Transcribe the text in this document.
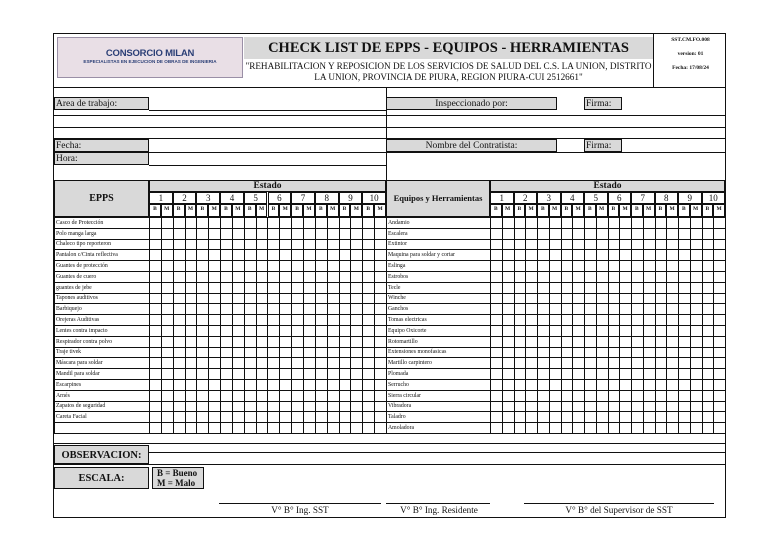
CONSORCIO MILAN
ESPECIALISTAS EN EJECUCION DE OBRAS DE INGENIERIA
CHECK LIST DE EPPS - EQUIPOS - HERRAMIENTAS
"REHABILITACION Y REPOSICION DE LOS SERVICIOS DE SALUD DEL C.S. LA UNION, DISTRITO
LA UNION, PROVINCIA DE PIURA, REGION PIURA-CUI 2512661"
SST.CM.FO.008
version: 01
Fecha: 17/08/24
Area de trabajo:	Inspeccionado por:	Firma:
Fecha:	Nombre del Contratista:	Firma:
Hora:
EPPS
Estado
1	2	3	4	5	6	7	8	9	10
B	M	B	M	B	M	B	M	B	M	B	M	B	M	B	M	B	M	B	M
Equipos y Herramientas
Estado
1	2	3	4	5	6	7	8	9	10
B	M	B	M	B	M	B	M	B	M	B	M	B	M	B	M	B	M	B	M
Casco de Protección																				
Polo manga larga																				
Chaleco tipo reporteron																				
Pantalon c/Cinta reflectiva																				
Guantes de protección																				
Guantes de cuero																				
guantes de jebe																				
Tapones auditivos																				
Barbiquejo																				
Orejeras Auditivas																				
Lentes contra impacto																				
Respirador contra polvo																				
Traje tivek																				
Máscara para soldar																				
Mandil para soldar																				
Escarpines																				
Arnés																				
Zapatos de seguridad																				
Careta Facial																				

Andamio																				
Escalera																				
Extintor																				
Maquina para soldar y cortar																				
Eslinga																				
Estrobos																				
Tecle																				
Winche																				
Ganchos																				
Tomas electricas																				
Equipo Oxicorte																				
Rotomartillo																				
Extensiones monofasicas																				
Martillo carpintero																				
Plomada																				
Serrucho																				
Sierra circular																				
Vibradora																				
Taladro																				
Amoladora																				
OBSERVACION:
ESCALA:	B = Bueno
M = Malo
V° B° Ing. SST	V° B° Ing. Residente	V° B° del Supervisor de SST
